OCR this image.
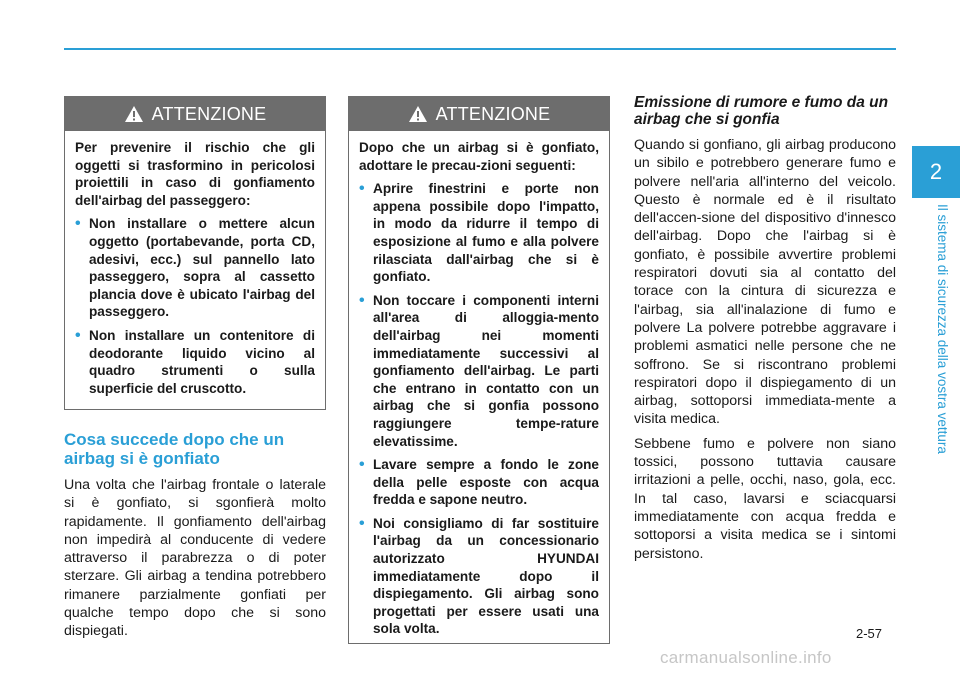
2
Il sistema di sicurezza della vostra vettura
ATTENZIONE

Per prevenire il rischio che gli oggetti si trasformino in pericolosi proiettili in caso di gonfiamento dell'airbag del passeggero:

• Non installare o mettere alcun oggetto (portabevande, porta CD, adesivi, ecc.) sul pannello lato passeggero, sopra al cassetto plancia dove è ubicato l'airbag del passeggero.
• Non installare un contenitore di deodorante liquido vicino al quadro strumenti o sulla superficie del cruscotto.
Cosa succede dopo che un airbag si è gonfiato

Una volta che l'airbag frontale o laterale si è gonfiato, si sgonfierà molto rapidamente. Il gonfiamento dell'airbag non impedirà al conducente di vedere attraverso il parabrezza o di poter sterzare. Gli airbag a tendina potrebbero rimanere parzialmente gonfiati per qualche tempo dopo che si sono dispiegati.

ATTENZIONE

Dopo che un airbag si è gonfiato, adottare le precau-zioni seguenti:

• Aprire finestrini e porte non appena possibile dopo l'impatto, in modo da ridurre il tempo di esposizione al fumo e alla polvere rilasciata dall'airbag che si è gonfiato.
• Non toccare i componenti interni all'area di alloggia-mento dell'airbag nei momenti immediatamente successivi al gonfiamento dell'airbag. Le parti che entrano in contatto con un airbag che si gonfia possono raggiungere tempe-rature elevatissime.
• Lavare sempre a fondo le zone della pelle esposte con acqua fredda e sapone neutro.
• Noi consigliamo di far sostituire l'airbag da un concessionario autorizzato HYUNDAI immediatamente dopo il dispiegamento. Gli airbag sono progettati per essere usati una sola volta.
Emissione di rumore e fumo da un airbag che si gonfia

Quando si gonfiano, gli airbag producono un sibilo e potrebbero generare fumo e polvere nell'aria all'interno del veicolo. Questo è normale ed è il risultato dell'accen-sione del dispositivo d'innesco dell'airbag. Dopo che l'airbag si è gonfiato, è possibile avvertire problemi respiratori dovuti sia al contatto del torace con la cintura di sicurezza e l'airbag, sia all'inalazione di fumo e polvere La polvere potrebbe aggravare i problemi asmatici nelle persone che ne soffrono. Se si riscontrano problemi respiratori dopo il dispiegamento di un airbag, sottoporsi immediata-mente a visita medica.

Sebbene fumo e polvere non siano tossici, possono tuttavia causare irritazioni a pelle, occhi, naso, gola, ecc. In tal caso, lavarsi e sciacquarsi immediatamente con acqua fredda e sottoporsi a visita medica se i sintomi persistono.

2-57
carmanualsonline.info
